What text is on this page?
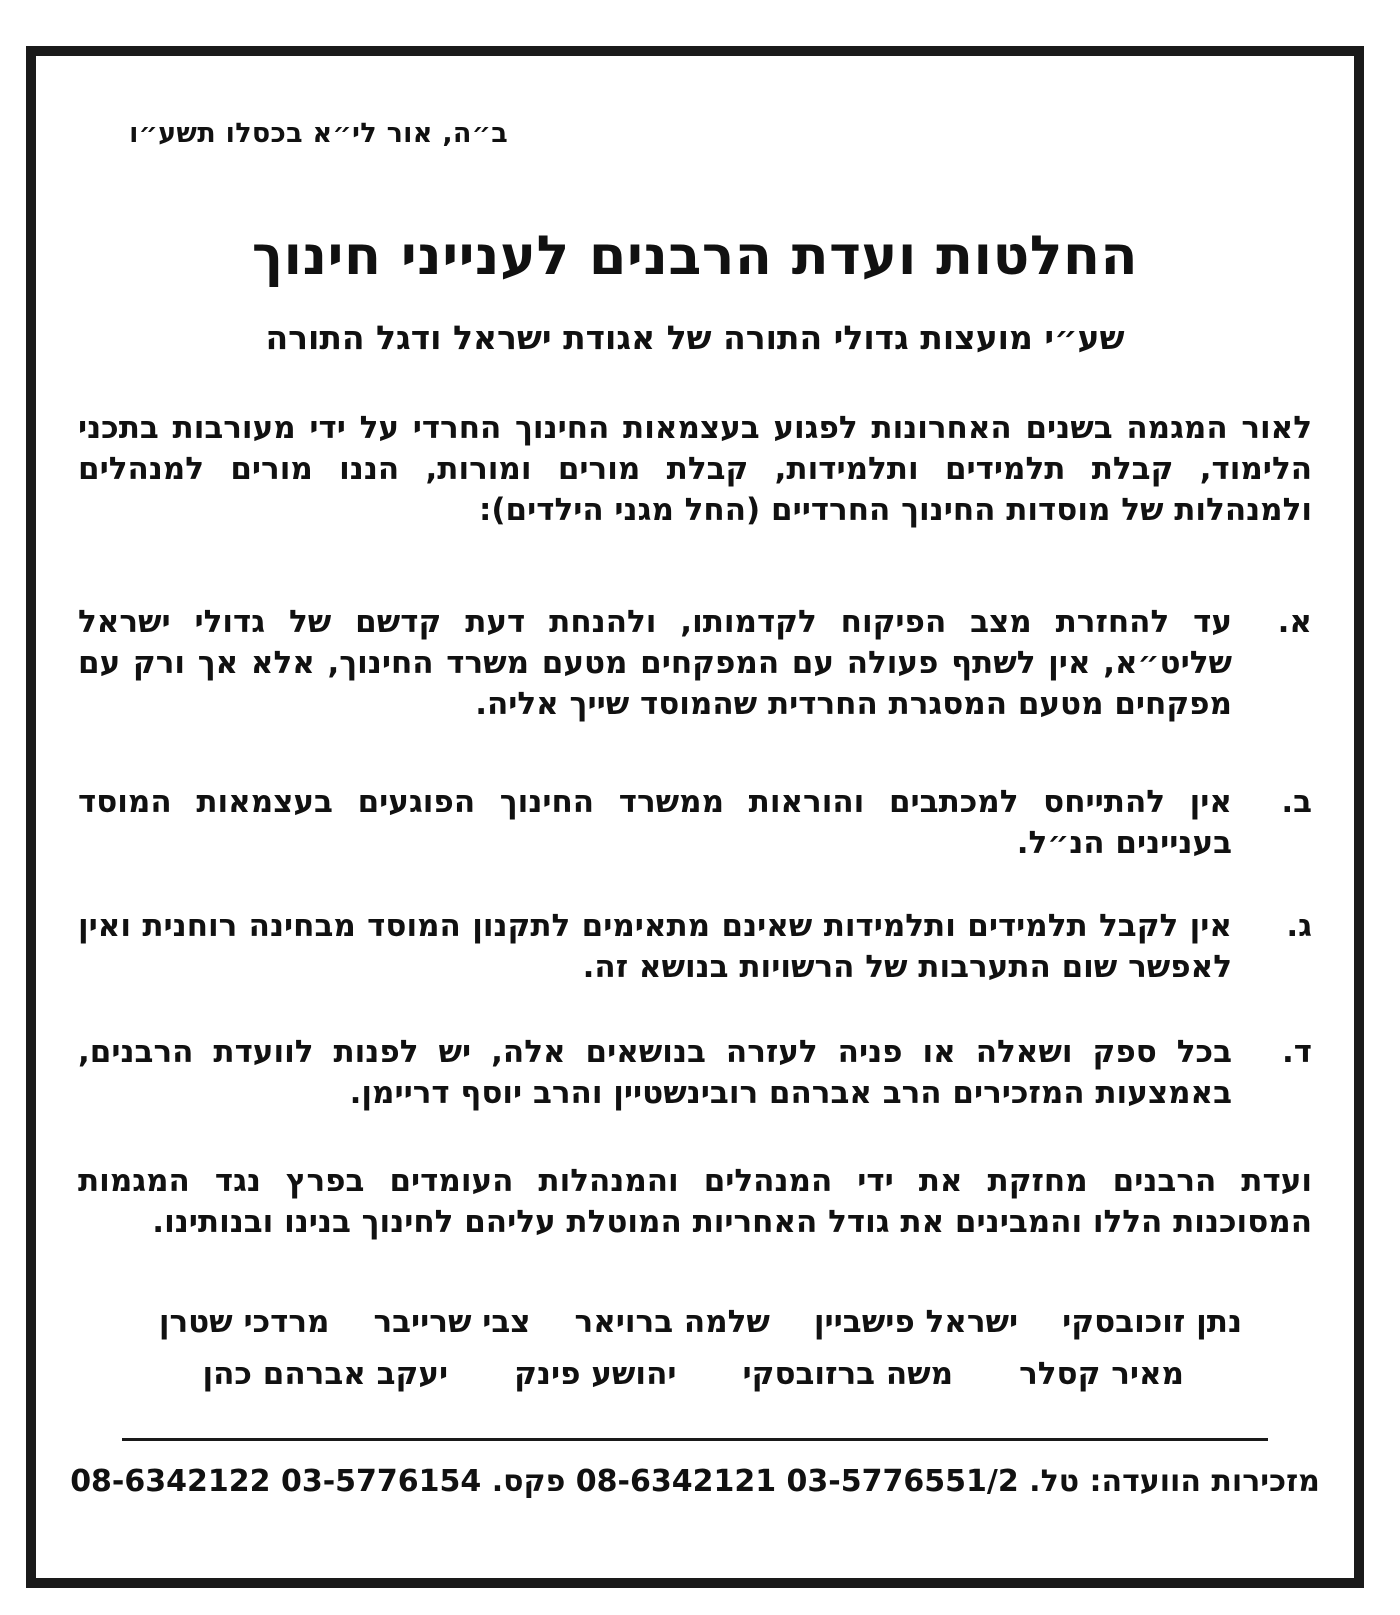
ב״ה, אור לי״א בכסלו תשע״ו
החלטות ועדת הרבנים לענייני חינוך
שע״י מועצות גדולי התורה של אגודת ישראל ודגל התורה
לאור המגמה בשנים האחרונות לפגוע בעצמאות החינוך החרדי על ידי מעורבות בתכני הלימוד, קבלת תלמידים ותלמידות, קבלת מורים ומורות, הננו מורים למנהלים ולמנהלות של מוסדות החינוך החרדיים (החל מגני הילדים):
א.
עד להחזרת מצב הפיקוח לקדמותו, ולהנחת דעת קדשם של גדולי ישראל שליט״א, אין לשתף פעולה עם המפקחים מטעם משרד החינוך, אלא אך ורק עם מפקחים מטעם המסגרת החרדית שהמוסד שייך אליה.
ב.
אין להתייחס למכתבים והוראות ממשרד החינוך הפוגעים בעצמאות המוסד בעניינים הנ״ל.
ג.
אין לקבל תלמידים ותלמידות שאינם מתאימים לתקנון המוסד מבחינה רוחנית ואין לאפשר שום התערבות של הרשויות בנושא זה.
ד.
בכל ספק ושאלה או פניה לעזרה בנושאים אלה, יש לפנות לוועדת הרבנים, באמצעות המזכירים הרב אברהם רובינשטיין והרב יוסף דריימן.
ועדת הרבנים מחזקת את ידי המנהלים והמנהלות העומדים בפרץ נגד המגמות המסוכנות הללו והמבינים את גודל האחריות המוטלת עליהם לחינוך בנינו ובנותינו.
נתן זוכובסקי
ישראל פישביין
שלמה ברויאר
צבי שרייבר
מרדכי שטרן
מאיר קסלר
משה ברזובסקי
יהושע פינק
יעקב אברהם כהן
מזכירות הוועדה: טל. 08-6342121 03-5776551/2 פקס. 08-6342122 03-5776154
